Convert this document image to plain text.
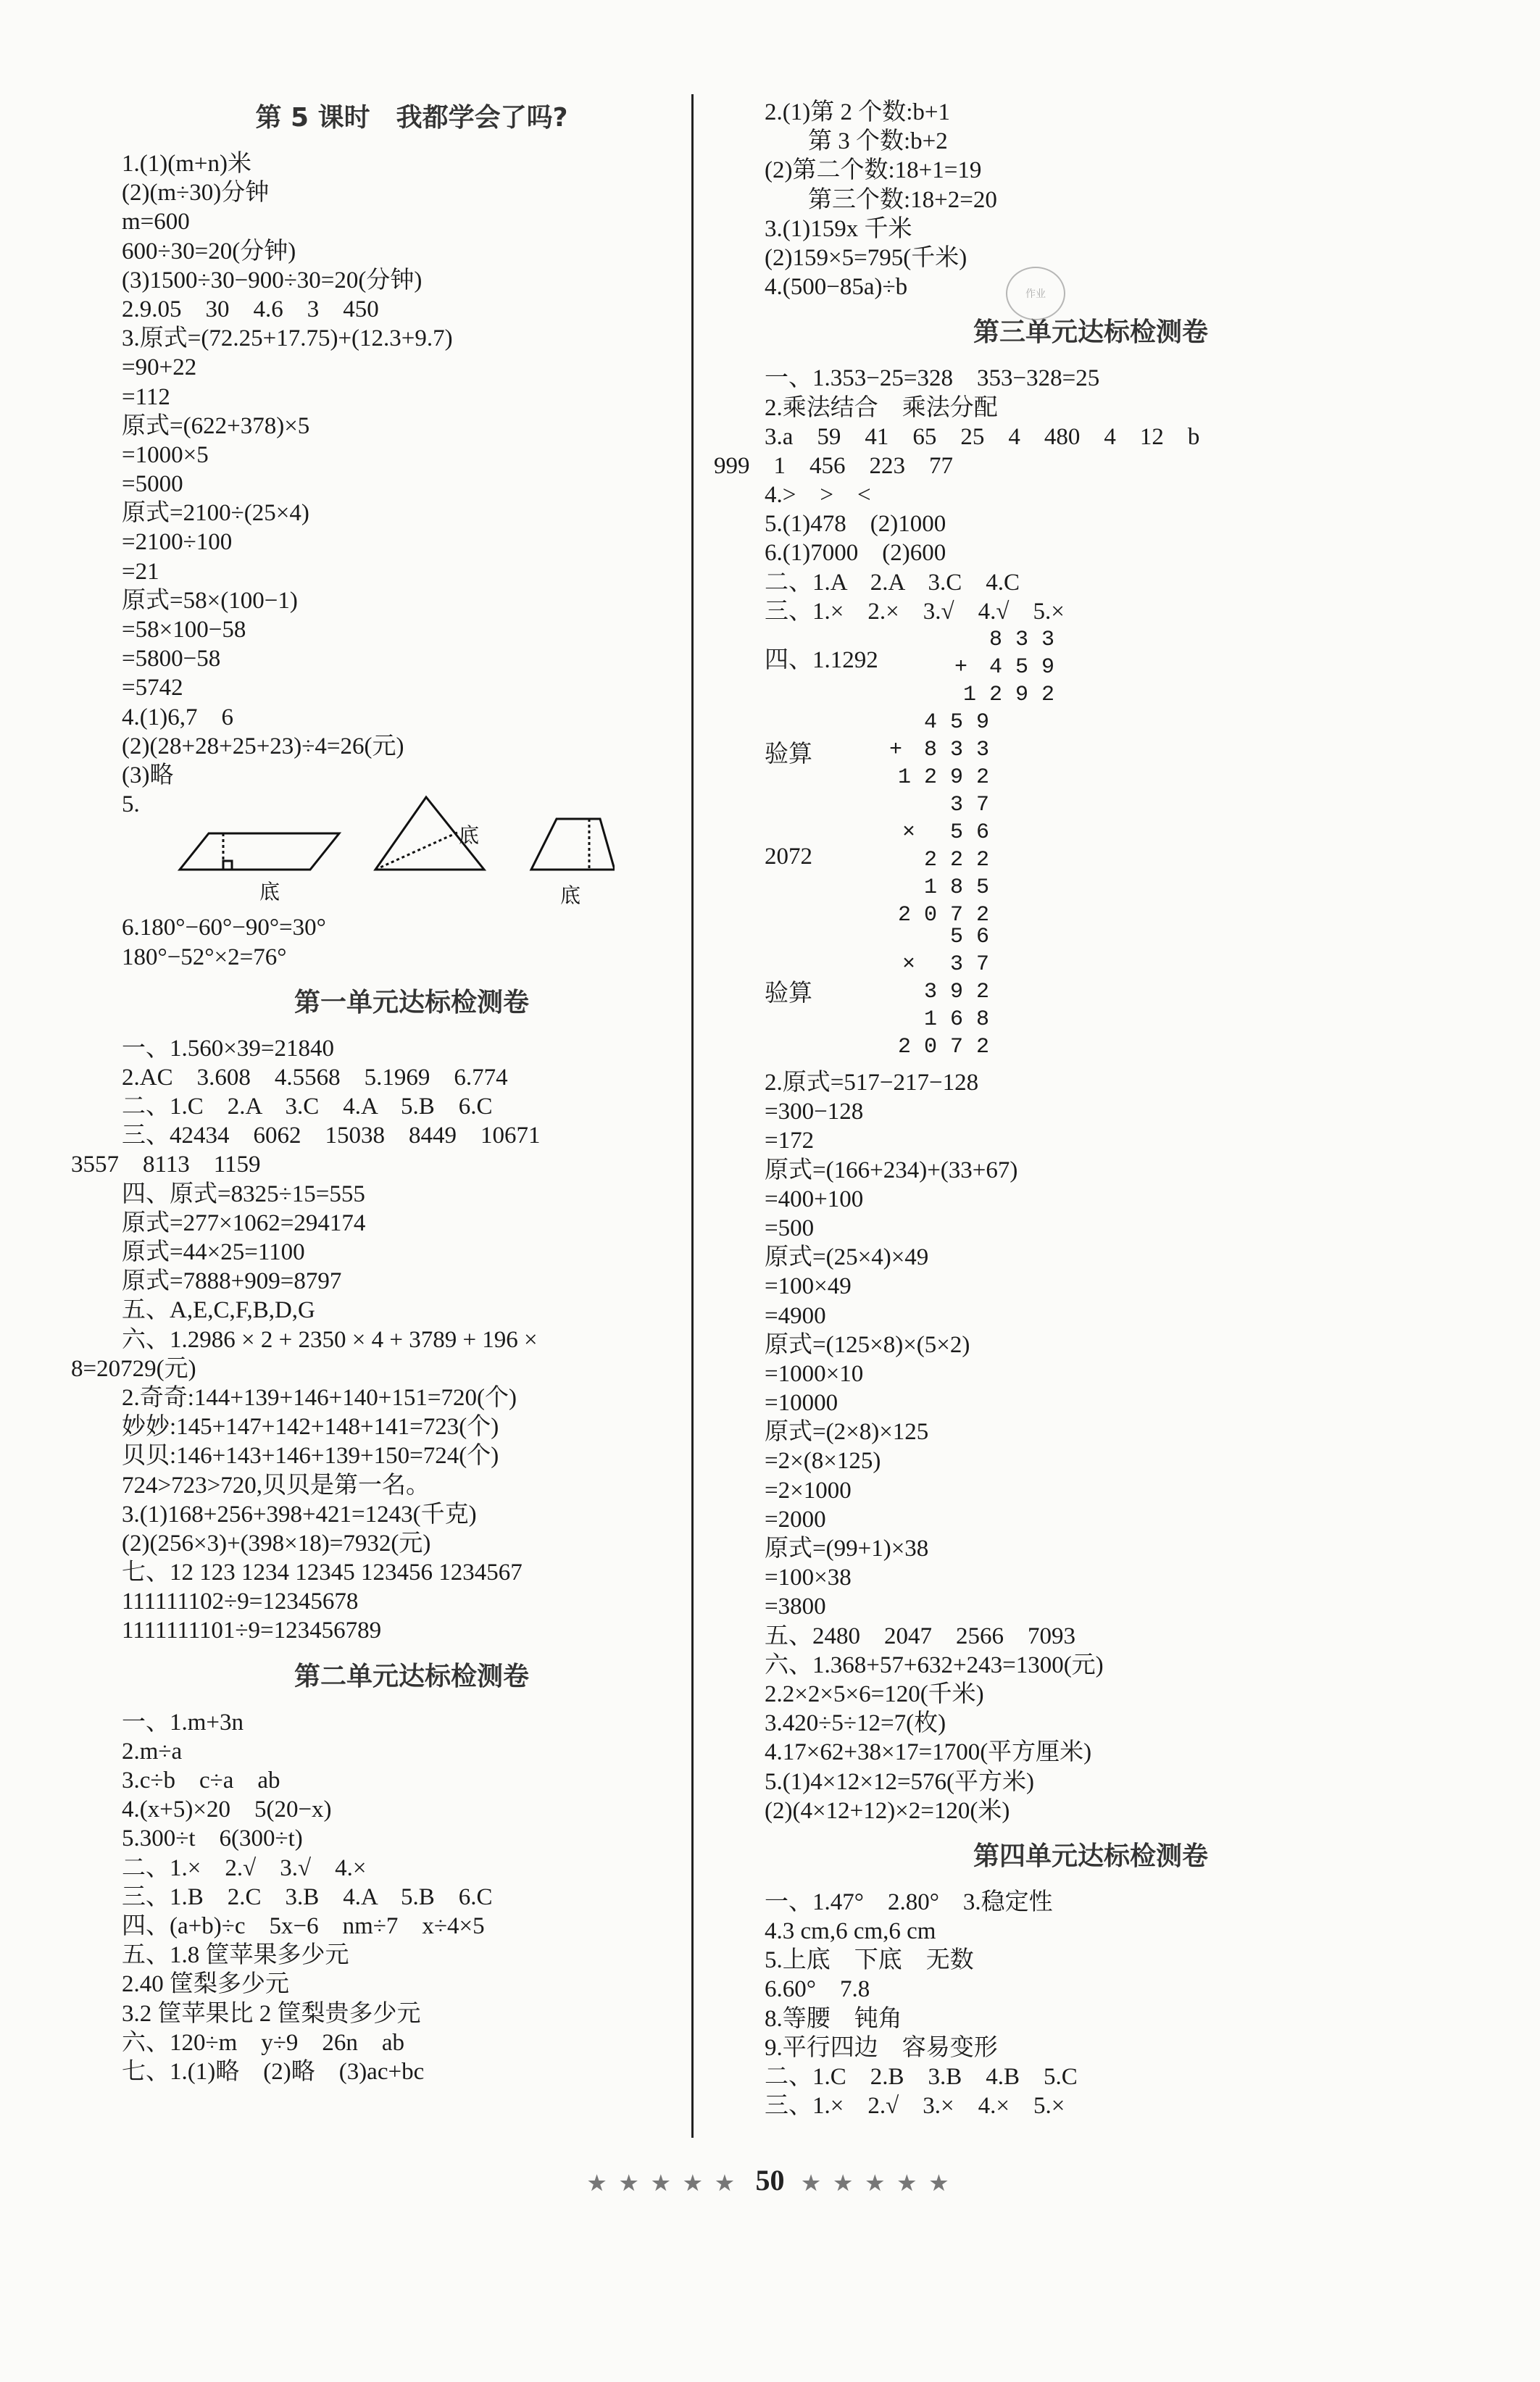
第 5 课时　我都学会了吗?
1.(1)(m+n)米
(2)(m÷30)分钟
m=600
600÷30=20(分钟)
(3)1500÷30−900÷30=20(分钟)
2.9.05　30　4.6　3　450
3.原式=(72.25+17.75)+(12.3+9.7)
=90+22
=112
原式=(622+378)×5
=1000×5
=5000
原式=2100÷(25×4)
=2100÷100
=21
原式=58×(100−1)
=58×100−58
=5800−58
=5742
4.(1)6,7　6
(2)(28+28+25+23)÷4=26(元)
(3)略
5.
底
底
底
6.180°−60°−90°=30°
180°−52°×2=76°
第一单元达标检测卷
一、1.560×39=21840
2.AC　3.608　4.5568　5.1969　6.774
二、1.C　2.A　3.C　4.A　5.B　6.C
三、42434　6062　15038　8449　10671
3557　8113　1159
四、原式=8325÷15=555
原式=277×1062=294174
原式=44×25=1100
原式=7888+909=8797
五、A,E,C,F,B,D,G
六、1.2986 × 2 + 2350 × 4 + 3789 + 196 ×
8=20729(元)
2.奇奇:144+139+146+140+151=720(个)
妙妙:145+147+142+148+141=723(个)
贝贝:146+143+146+139+150=724(个)
724>723>720,贝贝是第一名。
3.(1)168+256+398+421=1243(千克)
(2)(256×3)+(398×18)=7932(元)
七、12 123 1234 12345 123456 1234567
111111102÷9=12345678
1111111101÷9=123456789
第二单元达标检测卷
一、1.m+3n
2.m÷a
3.c÷b　c÷a　ab
4.(x+5)×20　5(20−x)
5.300÷t　6(300÷t)
二、1.×　2.√　3.√　4.×
三、1.B　2.C　3.B　4.A　5.B　6.C
四、(a+b)÷c　5x−6　nm÷7　x÷4×5
五、1.8 筐苹果多少元
2.40 筐梨多少元
3.2 筐苹果比 2 筐梨贵多少元
六、120÷m　y÷9　26n　ab
七、1.(1)略　(2)略　(3)ac+bc
2.(1)第 2 个数:b+1
第 3 个数:b+2
(2)第二个数:18+1=19
第三个数:18+2=20
3.(1)159x 千米
(2)159×5=795(千米)
4.(500−85a)÷b
第三单元达标检测卷
一、1.353−25=328　353−328=25
2.乘法结合　乘法分配
3.a　59　41　65　25　4　480　4　12　b
999　1　456　223　77
4.>　>　<
5.(1)478　(2)1000
6.(1)7000　(2)600
二、1.A　2.A　3.C　4.C
三、1.×　2.×　3.√　4.√　5.×
四、1.1292
8 3 3
+　4 5 9
1 2 9 2
验算
4 5 9
+　8 3 3
1 2 9 2
2072
3 7
×　 5 6
2 2 2
1 8 5
2 0 7 2
验算
5 6
×　 3 7
3 9 2
1 6 8
2 0 7 2
2.原式=517−217−128
=300−128
=172
原式=(166+234)+(33+67)
=400+100
=500
原式=(25×4)×49
=100×49
=4900
原式=(125×8)×(5×2)
=1000×10
=10000
原式=(2×8)×125
=2×(8×125)
=2×1000
=2000
原式=(99+1)×38
=100×38
=3800
五、2480　2047　2566　7093
六、1.368+57+632+243=1300(元)
2.2×2×5×6=120(千米)
3.420÷5÷12=7(枚)
4.17×62+38×17=1700(平方厘米)
5.(1)4×12×12=576(平方米)
(2)(4×12+12)×2=120(米)
第四单元达标检测卷
一、1.47°　2.80°　3.稳定性
4.3 cm,6 cm,6 cm
5.上底　下底　无数
6.60°　7.8
8.等腰　钝角
9.平行四边　容易变形
二、1.C　2.B　3.B　4.B　5.C
三、1.×　2.√　3.×　4.×　5.×
作业
★ ★ ★ ★ ★ 50 ★ ★ ★ ★ ★
